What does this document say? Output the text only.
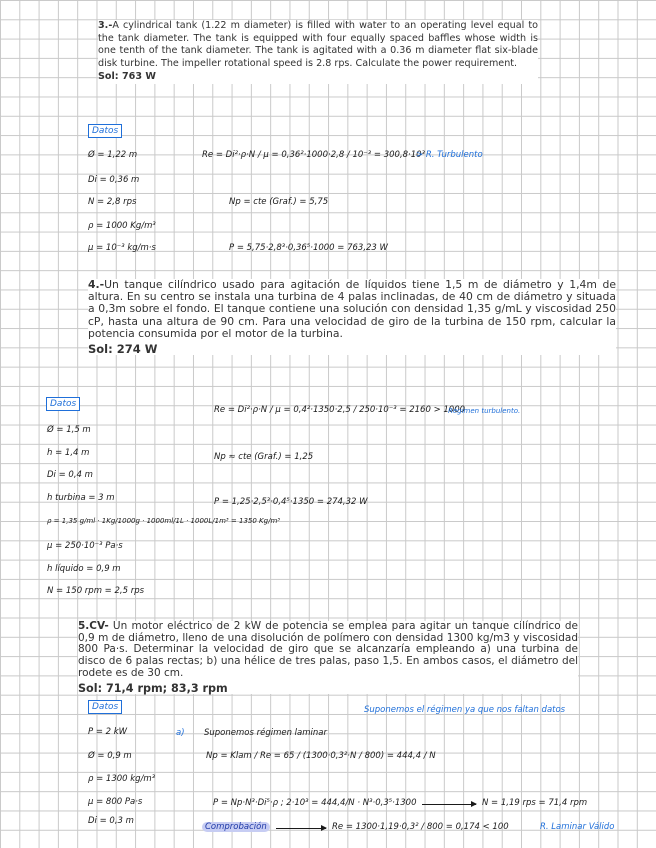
3.-A cylindrical tank (1.22 m diameter) is filled with water to an operating level equal to the tank diameter. The tank is equipped with four equally spaced baffles whose width is one tenth of the tank diameter. The tank is agitated with a 0.36 m diameter flat six-blade disk turbine. The impeller rotational speed is 2.8 rps. Calculate the power requirement.

Sol: 763 W
Datos
Ø = 1,22 m
Di = 0,36 m
N = 2,8 rps
ρ = 1000 Kg/m³
μ = 10⁻³ kg/m·s
Re = Di²·ρ·N / μ = 0,36²·1000·2,8 / 10⁻³ = 300,8·10³
> R. Turbulento
Np = cte (Graf.) = 5,75
P = 5,75·2,8³·0,36⁵·1000 = 763,23 W

4.-Un tanque cilíndrico usado para agitación de líquidos tiene 1,5 m de diámetro y 1,4m de altura. En su centro se instala una turbina de 4 palas inclinadas, de 40 cm de diámetro y situada a 0,3m sobre el fondo. El tanque contiene una solución con densidad 1,35 g/mL y viscosidad 250 cP, hasta una altura de 90 cm. Para una velocidad de giro de la turbina de 150 rpm, calcular la potencia consumida por el motor de la turbina.

Sol: 274 W
Datos
Ø = 1,5 m
h = 1,4 m
Di = 0,4 m
h turbina = 3 m
ρ = 1,35 g/ml · 1Kg/1000g · 1000ml/1L · 1000L/1m³ = 1350 Kg/m³
μ = 250·10⁻³ Pa·s
h líquido = 0,9 m
N = 150 rpm = 2,5 rps
Re = Di²·ρ·N / μ = 0,4²·1350·2,5 / 250·10⁻³ = 2160 > 1000
Régimen turbulento.
Np ≈ cte (Graf.) = 1,25
P = 1,25·2,5³·0,4⁵·1350 = 274,32 W

5.CV- Un motor eléctrico de 2 kW de potencia se emplea para agitar un tanque cilíndrico de 0,9 m de diámetro, lleno de una disolución de polímero con densidad 1300 kg/m3 y viscosidad 800 Pa·s. Determinar la velocidad de giro que se alcanzaría empleando a) una turbina de disco de 6 palas rectas; b) una hélice de tres palas, paso 1,5. En ambos casos, el diámetro del rodete es de 30 cm.

Sol: 71,4 rpm; 83,3 rpm
Datos	Suponemos el régimen ya que nos faltan datos
P = 2 kW
Ø = 0,9 m
ρ = 1300 kg/m³
μ = 800 Pa·s
Di = 0,3 m
a) Suponemos régimen laminar
Np = Klam / Re = 65 / (1300·0,3²·N / 800) = 444,4 / N
P = Np·N³·Di⁵·ρ ; 2·10³ = 444,4/N · N³·0,3⁵·1300	N = 1,19 rps = 71,4 rpm
Comprobación	Re = 1300·1,19·0,3² / 800 = 0,174 < 100	R. Laminar Válido
